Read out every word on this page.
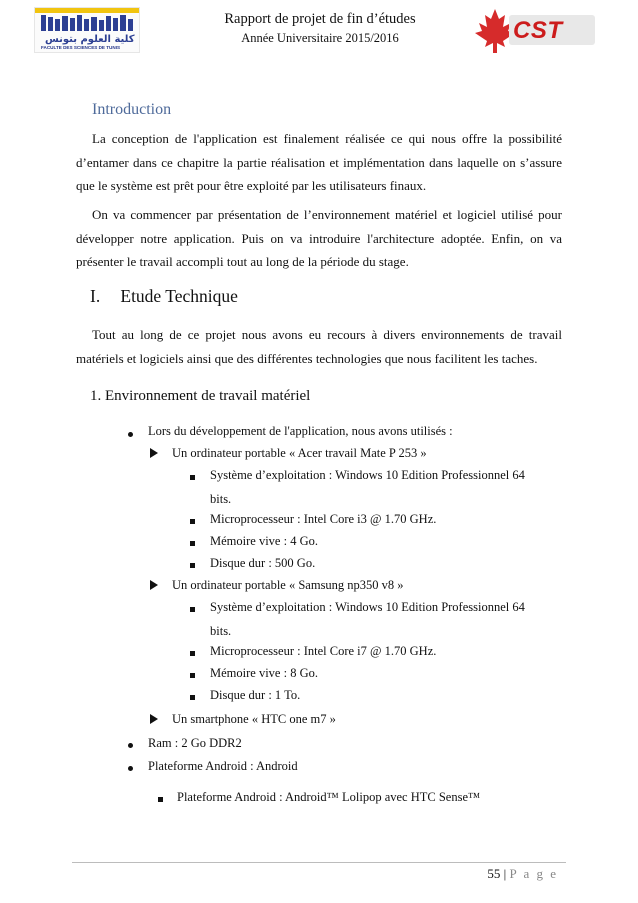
كلية العلوم بتونس
FACULTE DES SCIENCES DE TUNIS
Rapport de projet de fin d’études
Année Universitaire 2015/2016	CST
Introduction
La conception de l'application est finalement réalisée ce qui nous offre la possibilité
d’entamer dans ce chapitre la partie réalisation et implémentation dans laquelle on s’assure
que le système est prêt pour être exploité par les utilisateurs finaux.
On va commencer par présentation de l’environnement matériel et logiciel utilisé pour
développer notre application. Puis on va introduire l'architecture adoptée. Enfin, on va
présenter le travail accompli tout au long de la période du stage.
I. Etude Technique
Tout au long de ce projet nous avons eu recours à divers environnements de travail
matériels et logiciels ainsi que des différentes technologies que nous facilitent les taches.
1. Environnement de travail matériel
Lors du développement de l'application, nous avons utilisés :
Un ordinateur portable « Acer travail Mate P 253 »
Système d’exploitation : Windows 10 Edition Professionnel 64
bits.
Microprocesseur : Intel Core i3 @ 1.70 GHz.
Mémoire vive : 4 Go.
Disque dur : 500 Go.
Un ordinateur portable « Samsung np350 v8 »
Système d’exploitation : Windows 10 Edition Professionnel 64
bits.
Microprocesseur : Intel Core i7 @ 1.70 GHz.
Mémoire vive : 8 Go.
Disque dur : 1 To.
Un smartphone « HTC one m7 »
Ram : 2 Go DDR2
Plateforme Android : Android
Plateforme Android : Android™ Lolipop avec HTC Sense™
55 | P a g e
